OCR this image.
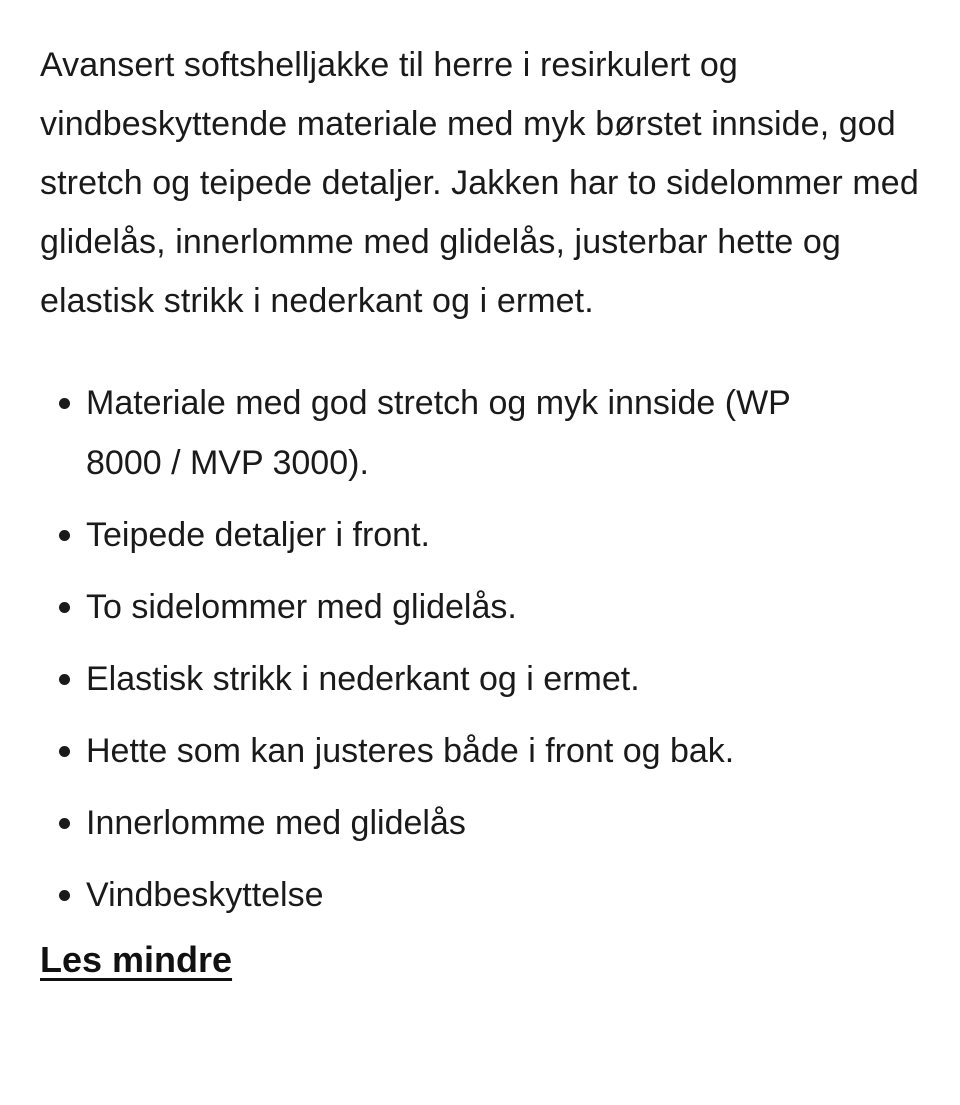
Avansert softshelljakke til herre i resirkulert og vindbeskyttende materiale med myk børstet innside, god stretch og teipede detaljer. Jakken har to sidelommer med glidelås, innerlomme med glidelås, justerbar hette og elastisk strikk i nederkant og i ermet.

Materiale med god stretch og myk innside (WP 8000 / MVP 3000).
Teipede detaljer i front.
To sidelommer med glidelås.
Elastisk strikk i nederkant og i ermet.
Hette som kan justeres både i front og bak.
Innerlomme med glidelås
Vindbeskyttelse
Les mindre
